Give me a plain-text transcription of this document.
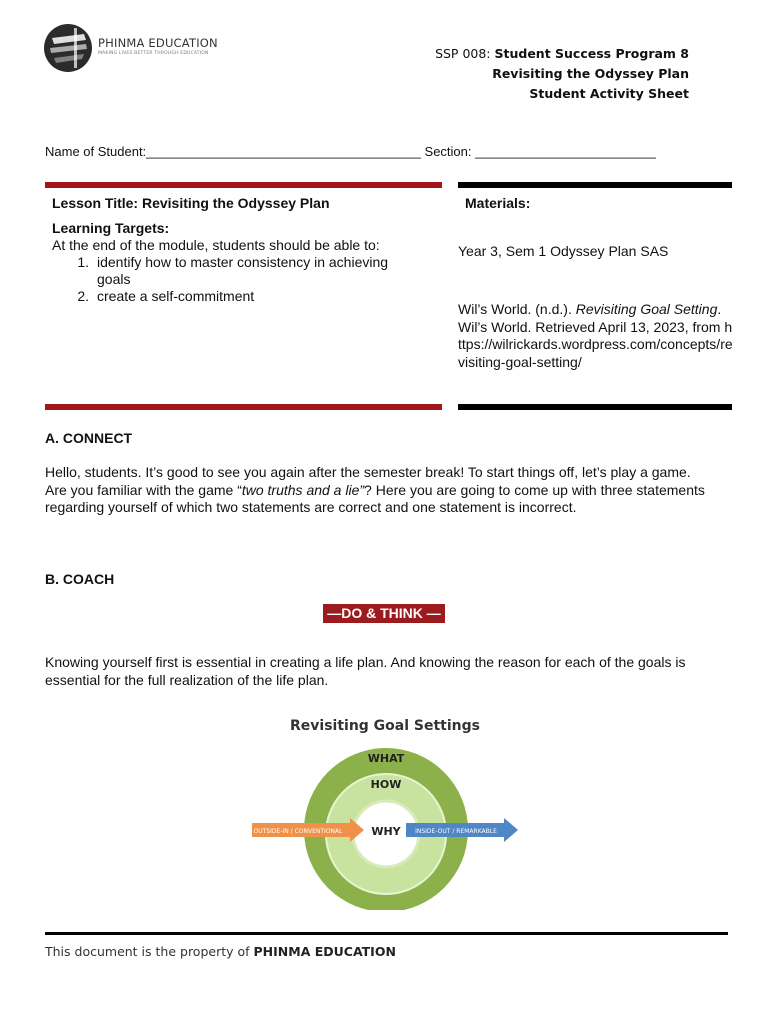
PHINMA EDUCATION
MAKING LIVES BETTER THROUGH EDUCATION	SSP 008: Student Success Program 8
Revisiting the Odyssey Plan
Student Activity Sheet
Name of Student:______________________________________ Section: _________________________
Lesson Title: Revisiting the Odyssey Plan
Learning Targets:
At the end of the module, students should be able to:
1. identify how to master consistency in achieving goals
2. create a self-commitment
Materials:
Year 3, Sem 1 Odyssey Plan SAS
Wil’s World. (n.d.). Revisiting Goal Setting. Wil’s World. Retrieved April 13, 2023, from https://wilrickards.wordpress.com/concepts/revisiting-goal-setting/
A. CONNECT
Hello, students. It’s good to see you again after the semester break! To start things off, let’s play a game. Are you familiar with the game “two truths and a lie”? Here you are going to come up with three statements regarding yourself of which two statements are correct and one statement is incorrect.
B. COACH
—DO & THINK —
Knowing yourself first is essential in creating a life plan. And knowing the reason for each of the goals is essential for the full realization of the life plan.
Revisiting Goal Settings
WHAT
HOW
OUTSIDE-IN / CONVENTIONAL	INSIDE-OUT / REMARKABLE
WHY
This document is the property of PHINMA EDUCATION
